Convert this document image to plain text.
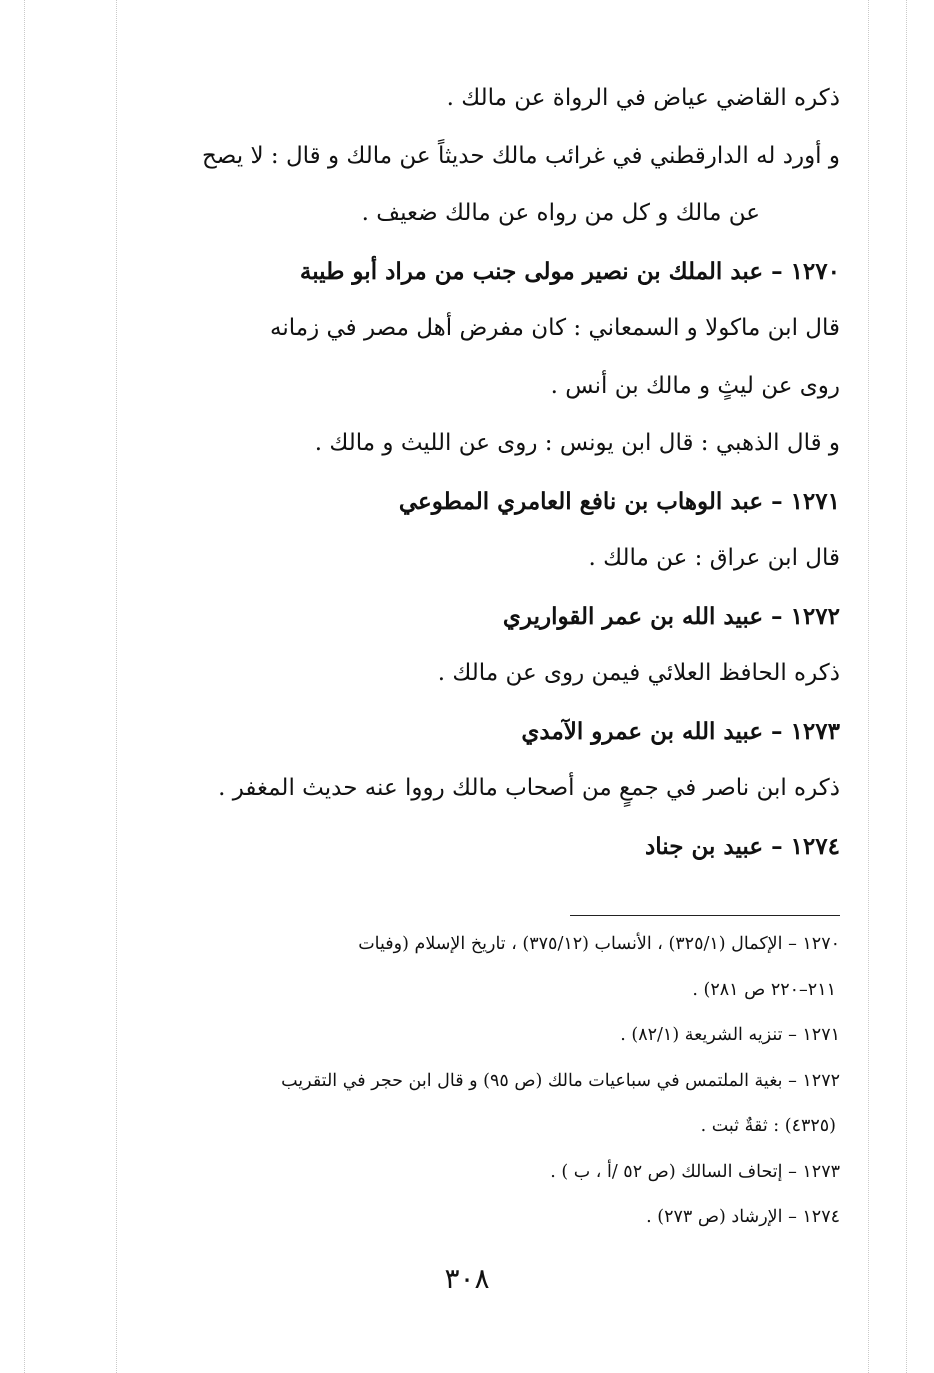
ذكره القاضي عياض في الرواة عن مالك .
و أورد له الدارقطني في غرائب مالك حديثاً عن مالك و قال : لا يصح
عن مالك و كل من رواه عن مالك ضعيف .
١٢٧٠ – عبد الملك بن نصير مولى جنب من مراد أبو طيبة
قال ابن ماكولا و السمعاني : كان مفرض أهل مصر في زمانه
روى عن ليثٍ و مالك بن أنس .
و قال الذهبي : قال ابن يونس : روى عن الليث و مالك .
١٢٧١ – عبد الوهاب بن نافع العامري المطوعي
قال ابن عراق : عن مالك .
١٢٧٢ – عبيد الله بن عمر القواريري
ذكره الحافظ العلائي فيمن روى عن مالك .
١٢٧٣ – عبيد الله بن عمرو الآمدي
ذكره ابن ناصر في جمعٍ من أصحاب مالك رووا عنه حديث المغفر .
١٢٧٤ – عبيد بن جناد
١٢٧٠ – الإكمال (٣٢٥/١) ، الأنساب (٣٧٥/١٢) ، تاريخ الإسلام (وفيات
٢١١–٢٢٠ ص ٢٨١) .
١٢٧١ – تنزيه الشريعة (٨٢/١) .
١٢٧٢ – بغية الملتمس في سباعيات مالك (ص ٩٥) و قال ابن حجر في التقريب
(٤٣٢٥) : ثقةٌ ثبت .
١٢٧٣ – إتحاف السالك (ص ٥٢ /أ ، ب ) .
١٢٧٤ – الإرشاد (ص ٢٧٣) .
٣٠٨
